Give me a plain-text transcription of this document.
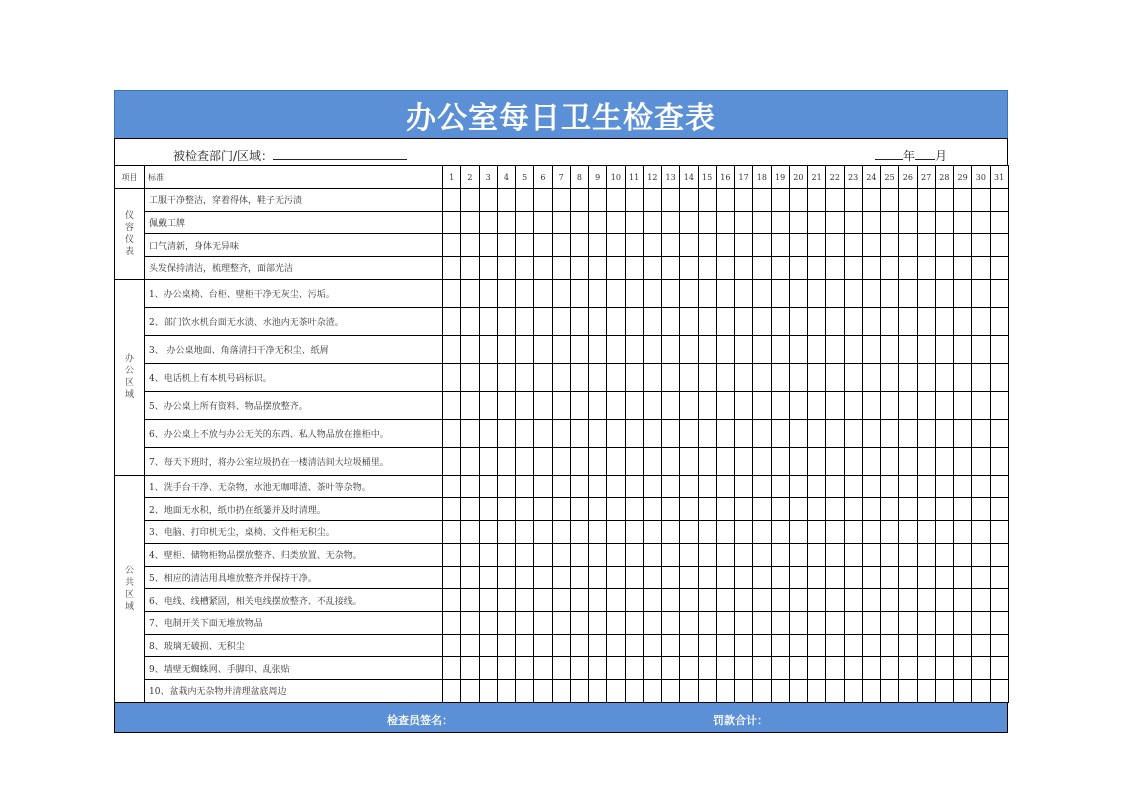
办公室每日卫生检查表
被检查部门/区域：	年 月
项目	标准	1	2	3	4	5	6	7	8	9	10	11	12	13	14	15	16	17	18	19	20	21	22	23	24	25	26	27	28	29	30	31

仪
容
仪
表	工服干净整洁，穿着得体，鞋子无污渍																															
	佩戴工牌																															
	口气清新，身体无异味																															
	头发保持清洁，梳理整齐，面部光洁																															

办
公
区
域	1、办公桌椅、台柜、壁柜干净无灰尘、污垢。																															
	2、部门饮水机台面无水渍、水池内无茶叶杂渣。																															
	3、 办公桌地面、角落清扫干净无积尘、纸屑																															
	4、电话机上有本机号码标识。																															
	5、办公桌上所有资料、物品摆放整齐。																															
	6、办公桌上不放与办公无关的东西、私人物品放在推柜中。																															
	7、每天下班时，将办公室垃圾扔在一楼清洁间大垃圾桶里。																															

公
共
区
域	1、洗手台干净、无杂物，水池无咖啡渣、茶叶等杂物。																															
	2、地面无水积，纸巾扔在纸篓并及时清理。																															
	3、电脑、打印机无尘，桌椅、文件柜无积尘。																															
	4、壁柜、储物柜物品摆放整齐、归类放置、无杂物。																															
	5、相应的清洁用具堆放整齐并保持干净。																															
	6、电线、线槽紧固，相关电线摆放整齐、不乱接线。																															
	7、电制开关下面无堆放物品																															
	8、玻璃无破损、无积尘																															
	9、墙壁无蜘蛛网、手脚印、乱张贴																															
	10、盆栽内无杂物并清理盆底周边																															
检查员签名：	罚款合计：
